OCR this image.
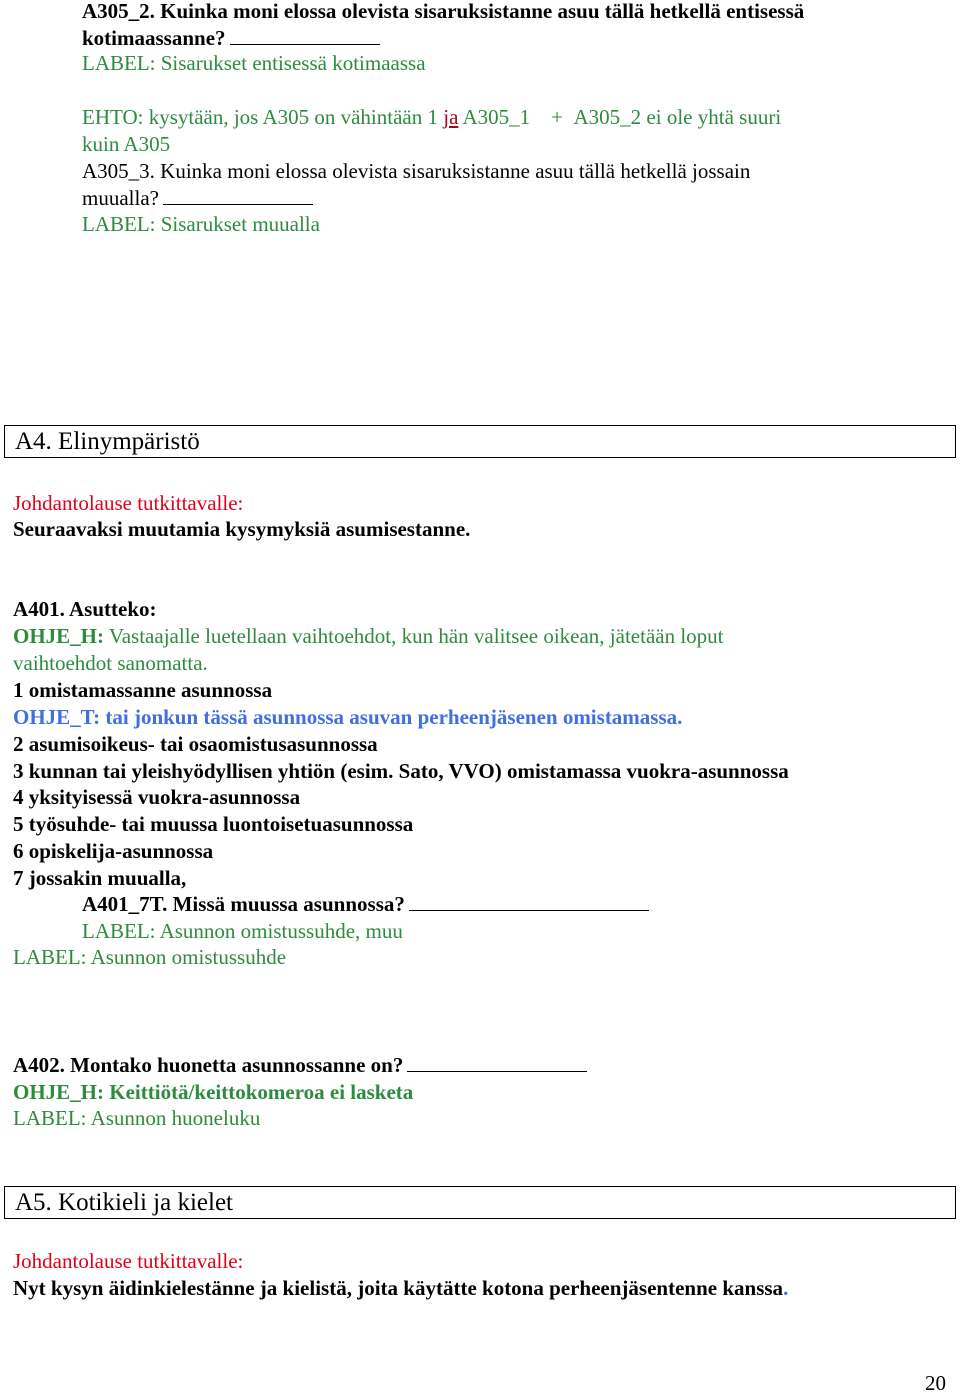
A305_2. Kuinka moni elossa olevista sisaruksistanne asuu tällä hetkellä entisessä
kotimaassanne?
LABEL: Sisarukset entisessä kotimaassa
EHTO: kysytään, jos A305 on vähintään 1 ja A305_1 + A305_2 ei ole yhtä suuri
kuin A305
A305_3. Kuinka moni elossa olevista sisaruksistanne asuu tällä hetkellä jossain
muualla?
LABEL: Sisarukset muualla
A4. Elinympäristö
Johdantolause tutkittavalle:
Seuraavaksi muutamia kysymyksiä asumisestanne.
A401. Asutteko:
OHJE_H: Vastaajalle luetellaan vaihtoehdot, kun hän valitsee oikean, jätetään loput
vaihtoehdot sanomatta.
1 omistamassanne asunnossa
OHJE_T: tai jonkun tässä asunnossa asuvan perheenjäsenen omistamassa.
2 asumisoikeus- tai osaomistusasunnossa
3 kunnan tai yleishyödyllisen yhtiön (esim. Sato, VVO) omistamassa vuokra-asunnossa
4 yksityisessä vuokra-asunnossa
5 työsuhde- tai muussa luontoisetuasunnossa
6 opiskelija-asunnossa
7 jossakin muualla,
A401_7T. Missä muussa asunnossa?
LABEL: Asunnon omistussuhde, muu
LABEL: Asunnon omistussuhde
A402. Montako huonetta asunnossanne on?
OHJE_H: Keittiötä/keittokomeroa ei lasketa
LABEL: Asunnon huoneluku
A5. Kotikieli ja kielet
Johdantolause tutkittavalle:
Nyt kysyn äidinkielestänne ja kielistä, joita käytätte kotona perheenjäsentenne kanssa.
20
